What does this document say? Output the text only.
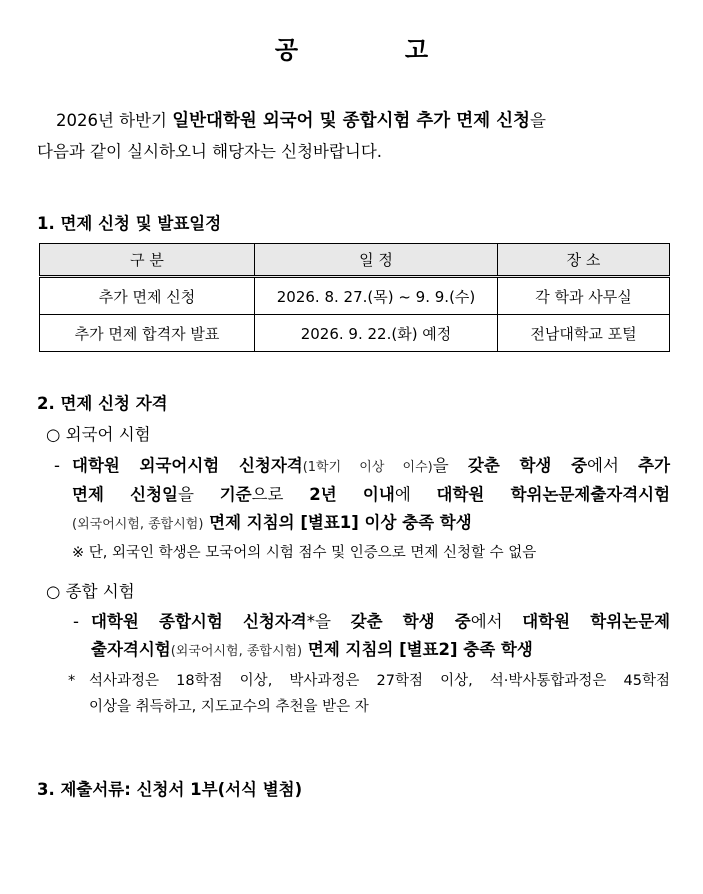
공	고
2026년 하반기 일반대학원 외국어 및 종합시험 추가 면제 신청을
다음과 같이 실시하오니 해당자는 신청바랍니다.
1. 면제 신청 및 발표일정
구 분	일 정	장 소
추가 면제 신청	2026. 8. 27.(목) ~ 9. 9.(수)	각 학과 사무실
추가 면제 합격자 발표	2026. 9. 22.(화) 예정	전남대학교 포털
2. 면제 신청 자격
○ 외국어 시험
- 대학원 외국어시험 신청자격(1학기 이상 이수)을 갖춘 학생 중에서 추가
면제 신청일을 기준으로 2년 이내에 대학원 학위논문제출자격시험
(외국어시험, 종합시험) 면제 지침의 [별표1] 이상 충족 학생
※ 단, 외국인 학생은 모국어의 시험 점수 및 인증으로 면제 신청할 수 없음
○ 종합 시험
- 대학원 종합시험 신청자격*을 갖춘 학생 중에서 대학원 학위논문제
출자격시험(외국어시험, 종합시험) 면제 지침의 [별표2] 충족 학생
* 석사과정은 18학점 이상, 박사과정은 27학점 이상, 석·박사통합과정은 45학점
이상을 취득하고, 지도교수의 추천을 받은 자
3. 제출서류: 신청서 1부(서식 별첨)
